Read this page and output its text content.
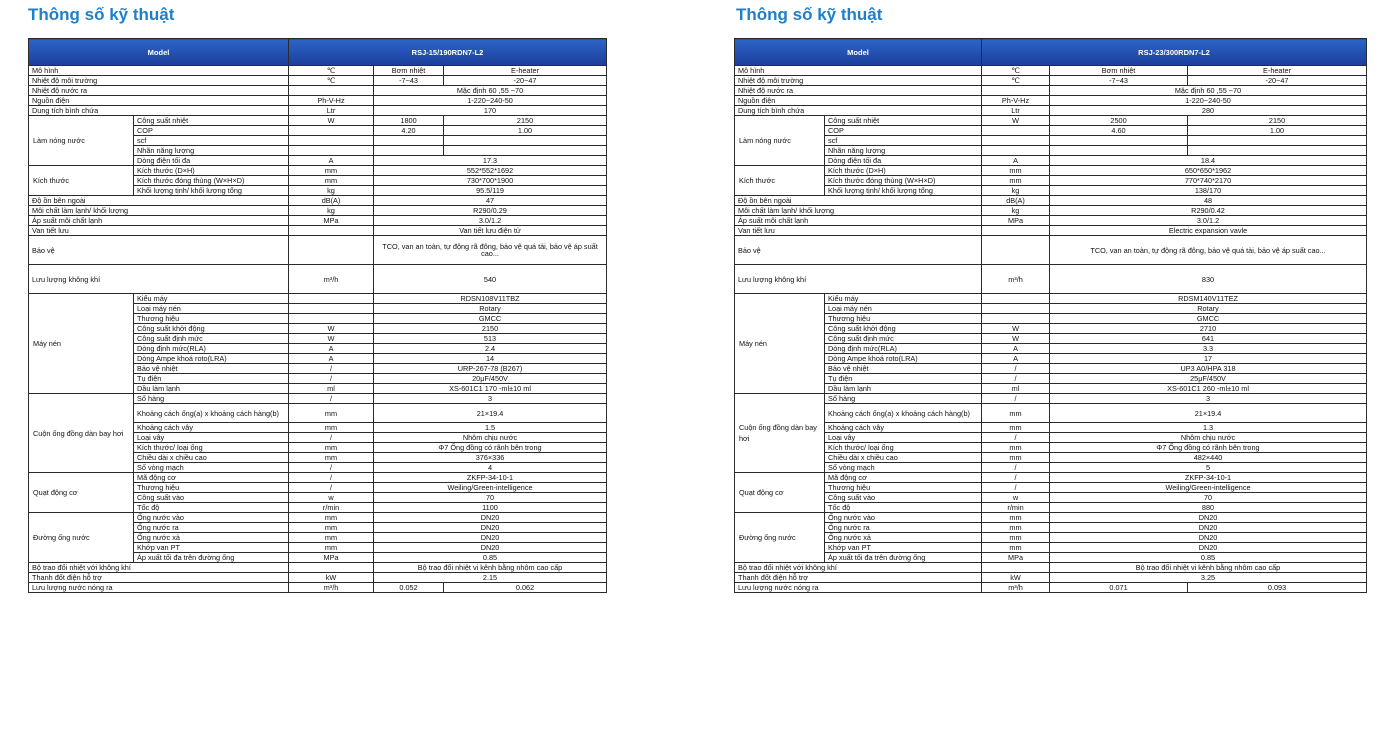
Thông số kỹ thuật	Thông số kỹ thuật
Model		RSJ-15/190RDN7-L2		
Mô hình		℃	Bơm nhiệt	E-heater
Nhiệt độ môi trường		℃	-7~43	-20~47
Nhiệt độ nước ra			Mặc định 60 ,55 ~70	
Nguồn điện		Ph-V-Hz	1-220~240-50	
Dung tích bình chứa		Ltr	170	
Làm nóng nước	Công suất nhiệt	W	1800	2150
	COP		4.20	1.00
	scf			
	Nhãn năng lượng			
	Dòng điện tối đa	A	17.3	
Kích thước	Kích thước (D×H)	mm	552*552*1692	
	Kích thước đóng thùng (W×H×D)	mm	730*700*1900	
	Khối lượng tịnh/ khối lượng tổng	kg	95.5/119	
Độ ồn bên ngoài		dB(A)	47	
Môi chất làm lạnh/ khối lượng		kg	R290/0.29	
Áp suất môi chất lạnh		MPa	3.0/1.2	
Van tiết lưu			Van tiết lưu điện tử	
Bảo vệ			TCO, van an toàn, tự động rã đông, bảo vệ quá tải, bảo vệ áp suất cao...	
Lưu lượng không khí		m³/h	540	
Máy nén	Kiểu máy		RDSN108V11TBZ	
	Loại máy nén		Rotary	
	Thương hiệu		GMCC	
	Công suất khởi động	W	2150	
	Công suất định mức	W	513	
	Dòng định mức(RLA)	A	2.4	
	Dòng Ampe khoá roto(LRA)	A	14	
	Bảo vệ nhiệt	/	URP-267-78 (B267)	
	Tụ điện	/	20μF/450V	
	Dầu làm lạnh	ml	XS-601C1 170 -ml±10 ml	
Cuộn ống đồng dàn bay hơi	Số hàng	/	3	
	Khoảng cách ống(a) x khoảng cách hàng(b)	mm	21×19.4	
	Khoảng cách vây	mm	1.5	
	Loại vây	/	Nhôm chịu nước	
	Kích thước/ loại ống	mm	Φ7 Ống đồng có rãnh bên trong	
	Chiều dài x chiều cao	mm	376×336	
	Số vòng mạch	/	4	
Quạt động cơ	Mã động cơ	/	ZKFP-34-10-1	
	Thương hiệu	/	Weiling/Green-intelligence	
	Công suất vào	w	70	
	Tốc độ	r/min	1100	
Đường ống nước	Ống nước vào	mm	DN20	
	Ống nước ra	mm	DN20	
	Ống nước xả	mm	DN20	
	Khớp van PT	mm	DN20	
	Áp xuất tối đa trên đường ống	MPa	0.85	
Bộ trao đổi nhiệt với không khí			Bộ trao đổi nhiệt vi kênh bằng nhôm cao cấp	
Thanh đốt điện hỗ trợ		kW	2.15	
Lưu lượng nước nóng ra		m³/h	0.052	0.062
Model		RSJ-23/300RDN7-L2		
Mô hình		℃	Bơm nhiệt	E-heater
Nhiệt độ môi trường		℃	-7~43	-20~47
Nhiệt độ nước ra			Mặc định 60 ,55 ~70	
Nguồn điện		Ph-V-Hz	1-220~240-50	
Dung tích bình chứa		Ltr	280	
Làm nóng nước	Công suất nhiệt	W	2500	2150
	COP		4.60	1.00
	scf			
	Nhãn năng lượng			
	Dòng điện tối đa	A	18.4	
Kích thước	Kích thước (D×H)	mm	650*650*1962	
	Kích thước đóng thùng (W×H×D)	mm	770*740*2170	
	Khối lượng tịnh/ khối lượng tổng	kg	138/170	
Độ ồn bên ngoài		dB(A)	48	
Môi chất làm lạnh/ khối lượng		kg	R290/0.42	
Áp suất môi chất lạnh		MPa	3.0/1.2	
Van tiết lưu			Electric expansion vavle	
Bảo vệ			TCO, van an toàn, tự động rã đông, bảo vệ quá tải, bảo vệ áp suất cao...	
Lưu lượng không khí		m³/h	830	
Máy nén	Kiểu máy		RDSM140V11TEZ	
	Loại máy nén		Rotary	
	Thương hiệu		GMCC	
	Công suất khởi động	W	2710	
	Công suất định mức	W	641	
	Dòng định mức(RLA)	A	3.3	
	Dòng Ampe khoá roto(LRA)	A	17	
	Bảo vệ nhiệt	/	UP3 A0/HPA 318	
	Tụ điện	/	25μF/450V	
	Dầu làm lạnh	ml	XS-601C1 260 -ml±10 ml	
Cuộn ống đồng dàn bay hơi	Số hàng	/	3	
	Khoảng cách ống(a) x khoảng cách hàng(b)	mm	21×19.4	
	Khoảng cách vây	mm	1.3	
	Loại vây	/	Nhôm chịu nước	
	Kích thước/ loại ống	mm	Φ7 Ống đồng có rãnh bên trong	
	Chiều dài x chiều cao	mm	482×440	
	Số vòng mạch	/	5	
Quạt động cơ	Mã động cơ	/	ZKFP-34-10-1	
	Thương hiệu	/	Weiling/Green-intelligence	
	Công suất vào	w	70	
	Tốc độ	r/min	880	
Đường ống nước	Ống nước vào	mm	DN20	
	Ống nước ra	mm	DN20	
	Ống nước xả	mm	DN20	
	Khớp van PT	mm	DN20	
	Áp xuất tối đa trên đường ống	MPa	0.85	
Bộ trao đổi nhiệt với không khí			Bộ trao đổi nhiệt vi kênh bằng nhôm cao cấp	
Thanh đốt điện hỗ trợ		kW	3.25	
Lưu lượng nước nóng ra		m³/h	0.071	0.093
